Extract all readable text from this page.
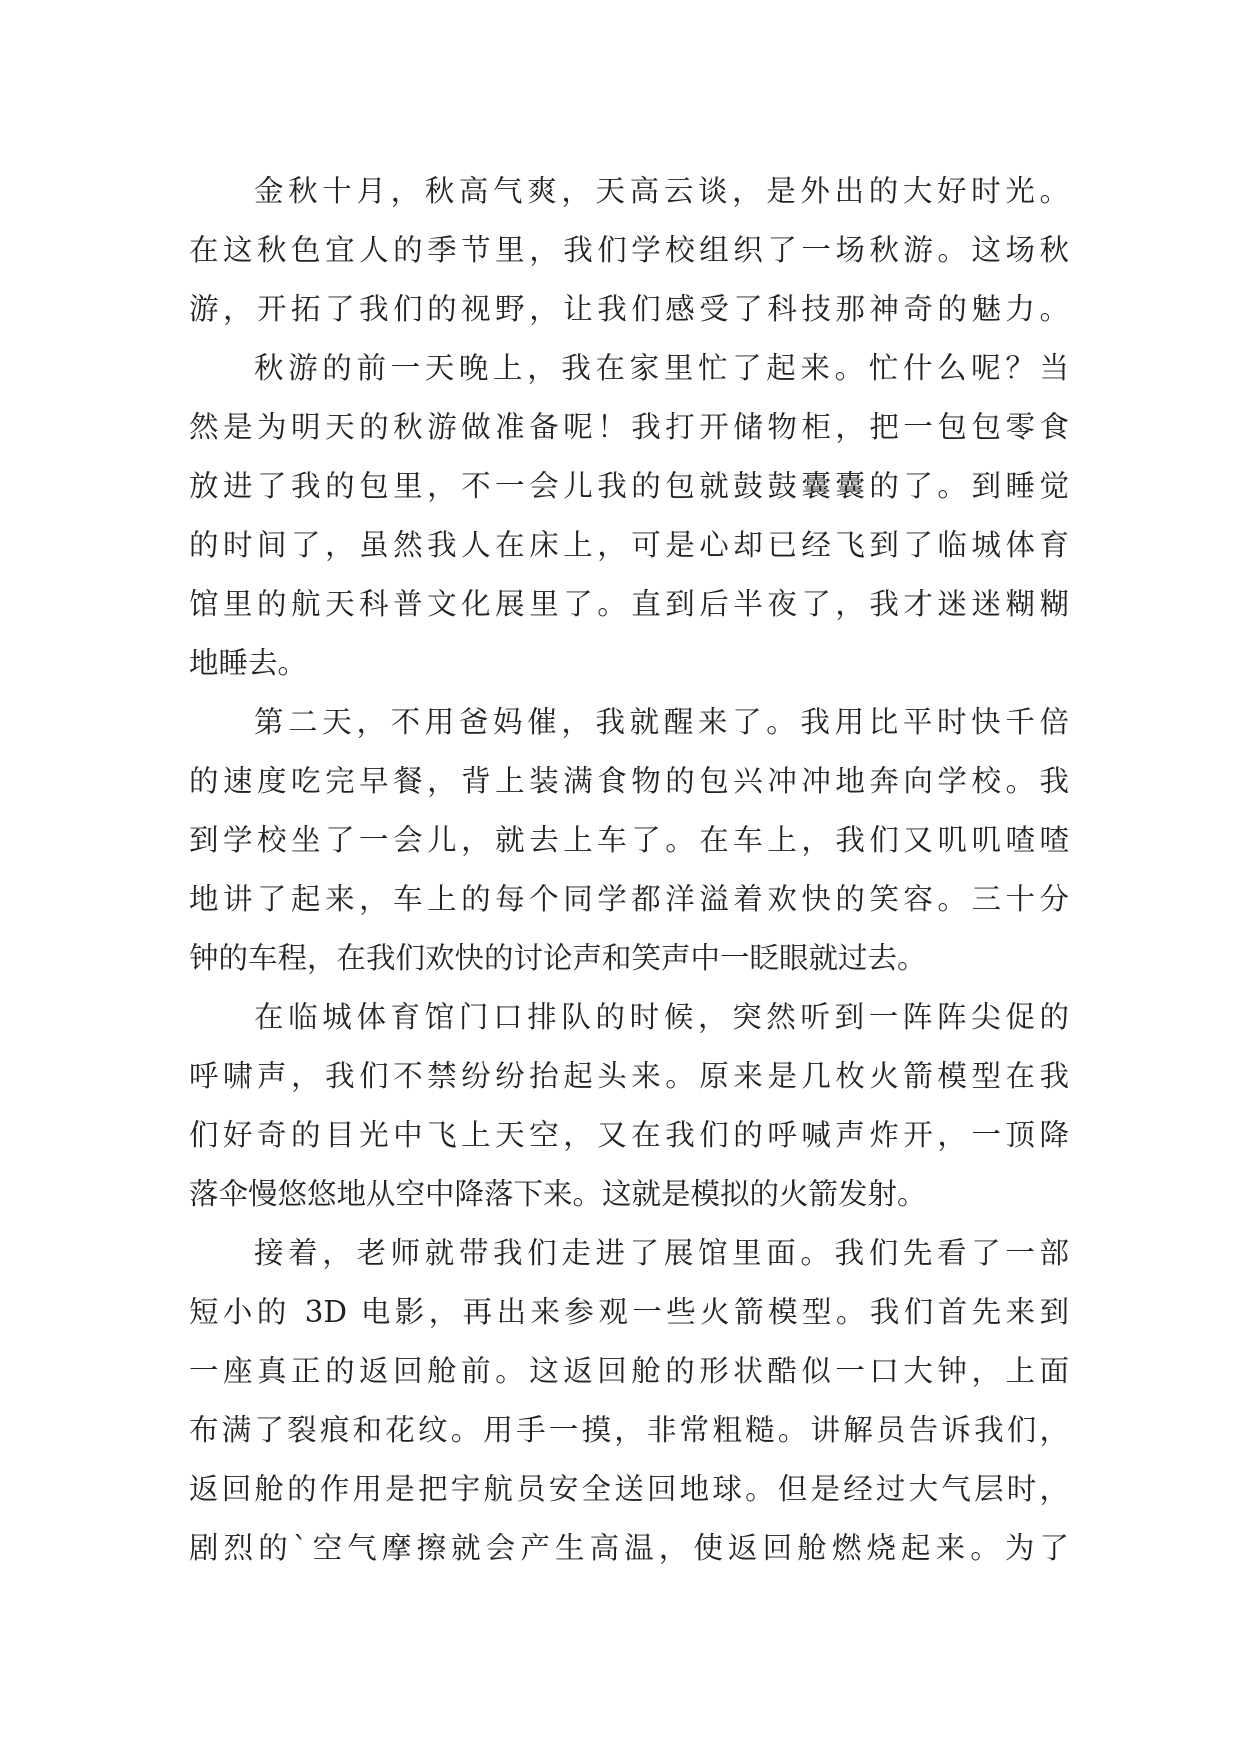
金秋十月，秋高气爽，天高云谈，是外出的大好时光。
在这秋色宜人的季节里，我们学校组织了一场秋游。这场秋
游，开拓了我们的视野，让我们感受了科技那神奇的魅力。
秋游的前一天晚上，我在家里忙了起来。忙什么呢？当
然是为明天的秋游做准备呢！我打开储物柜，把一包包零食
放进了我的包里，不一会儿我的包就鼓鼓囊囊的了。到睡觉
的时间了，虽然我人在床上，可是心却已经飞到了临城体育
馆里的航天科普文化展里了。直到后半夜了，我才迷迷糊糊
地睡去。
第二天，不用爸妈催，我就醒来了。我用比平时快千倍
的速度吃完早餐，背上装满食物的包兴冲冲地奔向学校。我
到学校坐了一会儿，就去上车了。在车上，我们又叽叽喳喳
地讲了起来，车上的每个同学都洋溢着欢快的笑容。三十分
钟的车程，在我们欢快的讨论声和笑声中一眨眼就过去。
在临城体育馆门口排队的时候，突然听到一阵阵尖促的
呼啸声，我们不禁纷纷抬起头来。原来是几枚火箭模型在我
们好奇的目光中飞上天空，又在我们的呼喊声炸开，一顶降
落伞慢悠悠地从空中降落下来。这就是模拟的火箭发射。
接着，老师就带我们走进了展馆里面。我们先看了一部
短小的 3D 电影，再出来参观一些火箭模型。我们首先来到
一座真正的返回舱前。这返回舱的形状酷似一口大钟，上面
布满了裂痕和花纹。用手一摸，非常粗糙。讲解员告诉我们，
返回舱的作用是把宇航员安全送回地球。但是经过大气层时，
剧烈的`空气摩擦就会产生高温，使返回舱燃烧起来。为了
